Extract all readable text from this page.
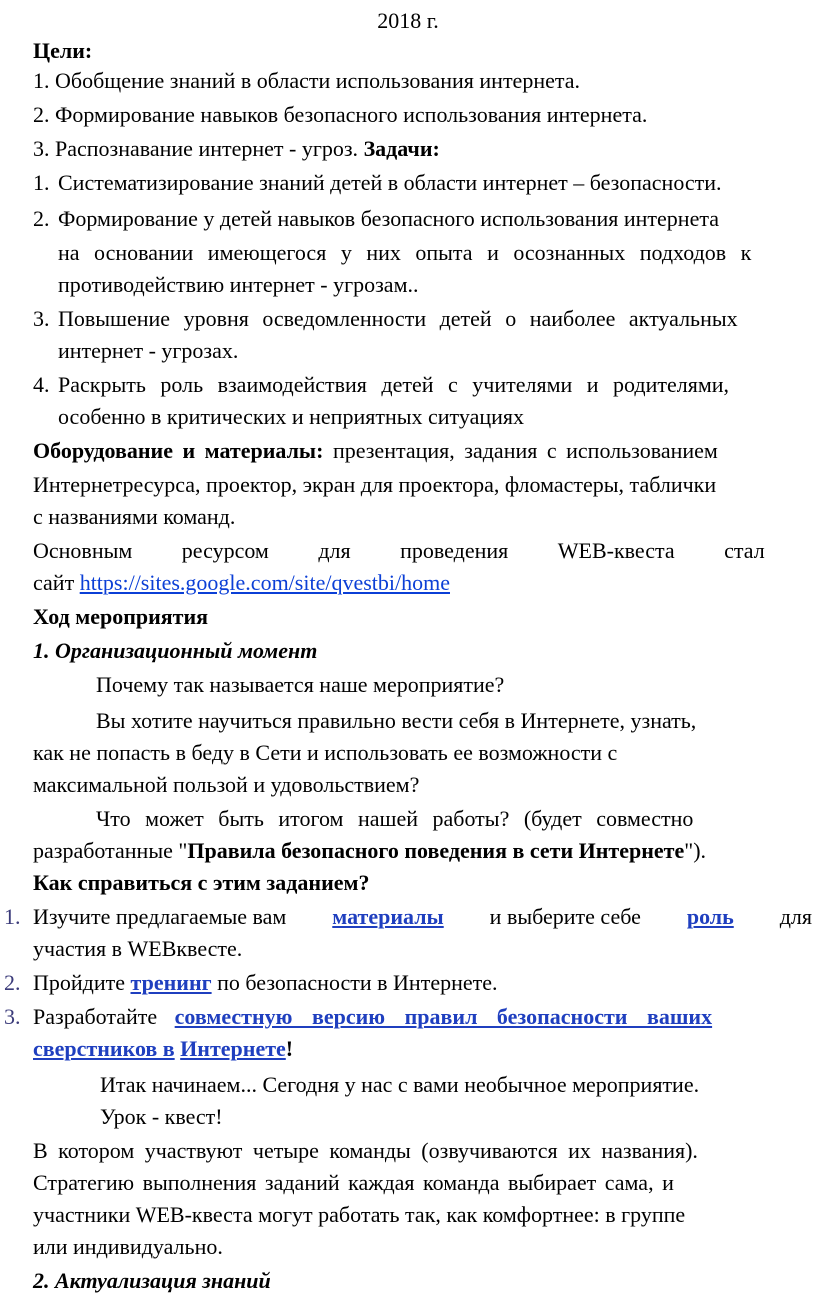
2018 г.
Цели:
1. Обобщение знаний в области использования интернета.
2. Формирование навыков безопасного использования интернета.
3. Распознавание интернет - угроз. Задачи:
1. Систематизирование знаний детей в области интернет – безопасности.
2. Формирование у детей навыков безопасного использования интернета
на основании имеющегося у них опыта и осознанных подходов к
противодействию интернет - угрозам..
3. Повышение уровня осведомленности детей о наиболее актуальных
интернет - угрозах.
4. Раскрыть роль взаимодействия детей с учителями и родителями,
особенно в критических и неприятных ситуациях
Оборудование и материалы: презентация, задания с использованием
Интернетресурса, проектор, экран для проектора, фломастеры, таблички
с названиями команд.
Основным ресурсом для проведения WEB-квеста стал
сайт https://sites.google.com/site/qvestbi/home
Ход мероприятия
1. Организационный момент
Почему так называется наше мероприятие?
Вы хотите научиться правильно вести себя в Интернете, узнать,
как не попасть в беду в Сети и использовать ее возможности с
максимальной пользой и удовольствием?
Что может быть итогом нашей работы? (будет совместно
разработанные "Правила безопасного поведения в сети Интернете").
Как справиться с этим заданием?
1. Изучите предлагаемые вам материалы и выберите себе роль для
участия в WEBквесте.
2. Пройдите тренинг по безопасности в Интернете.
3. Разработайте совместную версию правил безопасности ваших
сверстников в Интернете!
Итак начинаем... Сегодня у нас с вами необычное мероприятие.
Урок - квест!
В котором участвуют четыре команды (озвучиваются их названия).
Стратегию выполнения заданий каждая команда выбирает сама, и
участники WEB-квеста могут работать так, как комфортнее: в группе
или индивидуально.
2. Актуализация знаний
